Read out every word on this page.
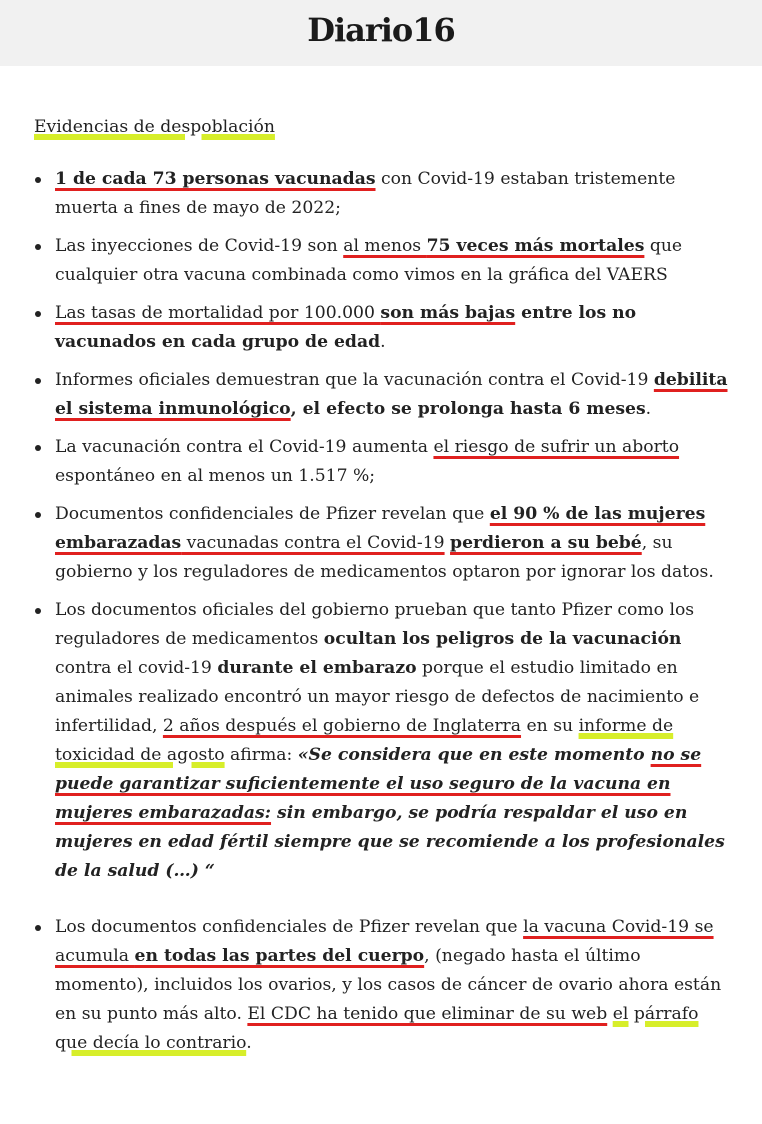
Diario16
Evidencias de despoblación
1 de cada 73 personas vacunadas con Covid-19 estaban tristemente muerta a fines de mayo de 2022;
Las inyecciones de Covid-19 son al menos 75 veces más mortales que cualquier otra vacuna combinada como vimos en la gráfica del VAERS
Las tasas de mortalidad por 100.000 son más bajas entre los no vacunados en cada grupo de edad.
Informes oficiales demuestran que la vacunación contra el Covid-19 debilita el sistema inmunológico, el efecto se prolonga hasta 6 meses.
La vacunación contra el Covid-19 aumenta el riesgo de sufrir un aborto espontáneo en al menos un 1.517 %;
Documentos confidenciales de Pfizer revelan que el 90 % de las mujeres embarazadas vacunadas contra el Covid-19 perdieron a su bebé, su gobierno y los reguladores de medicamentos optaron por ignorar los datos.
Los documentos oficiales del gobierno prueban que tanto Pfizer como los reguladores de medicamentos ocultan los peligros de la vacunación contra el covid-19 durante el embarazo porque el estudio limitado en animales realizado encontró un mayor riesgo de defectos de nacimiento e infertilidad, 2 años después el gobierno de Inglaterra en su informe de toxicidad de agosto afirma: «Se considera que en este momento no se puede garantizar suficientemente el uso seguro de la vacuna en mujeres embarazadas: sin embargo, se podría respaldar el uso en mujeres en edad fértil siempre que se recomiende a los profesionales de la salud (…) “
Los documentos confidenciales de Pfizer revelan que la vacuna Covid-19 se acumula en todas las partes del cuerpo, (negado hasta el último momento), incluidos los ovarios, y los casos de cáncer de ovario ahora están en su punto más alto. El CDC ha tenido que eliminar de su web el párrafo que decía lo contrario.
